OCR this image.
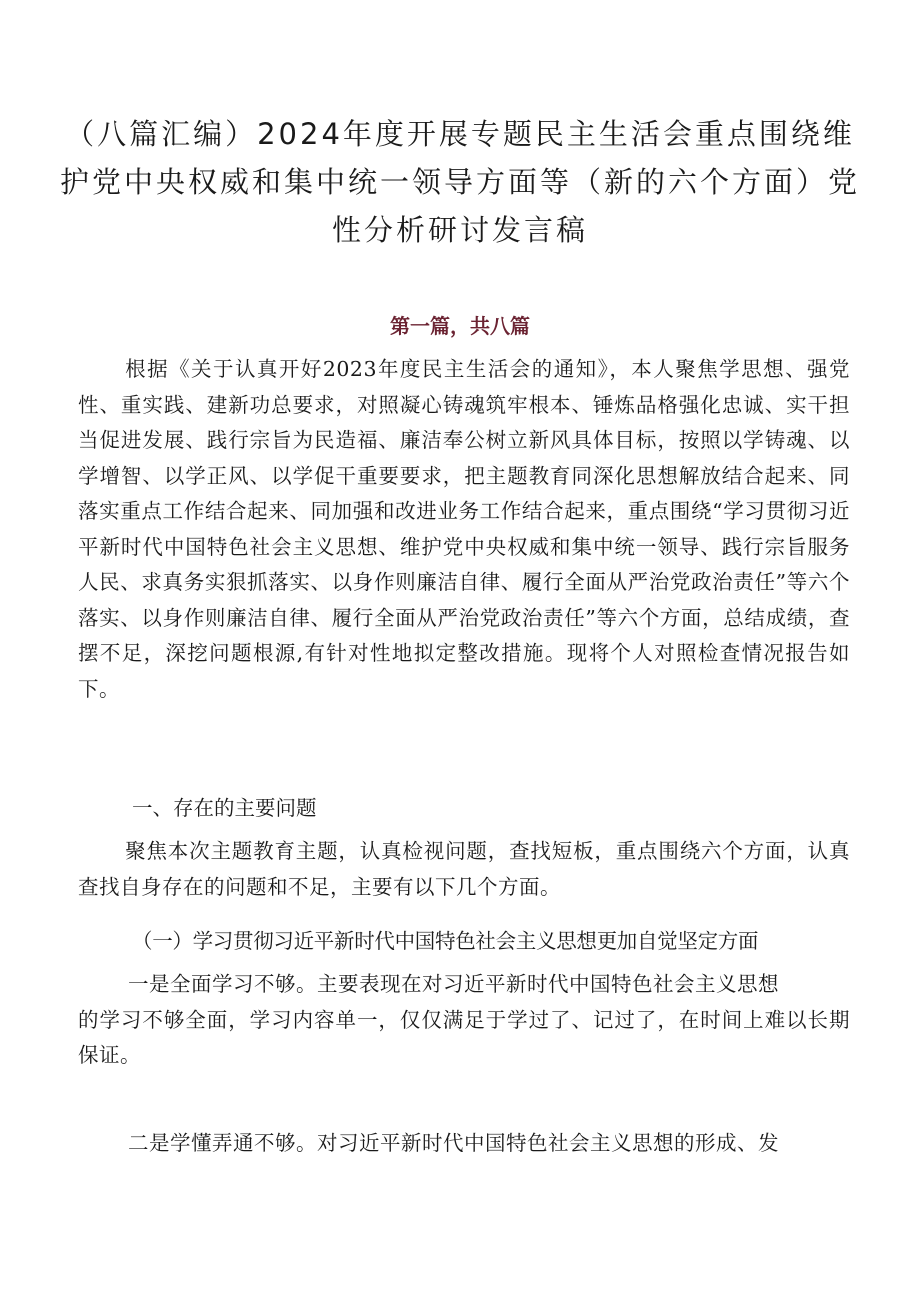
（八篇汇编）2024年度开展专题民主生活会重点围绕维护党中央权威和集中统一领导方面等（新的六个方面）党性分析研讨发言稿
第一篇，共八篇
根据《关于认真开好2023年度民主生活会的通知》，本人聚焦学思想、强党性、重实践、建新功总要求，对照凝心铸魂筑牢根本、锤炼品格强化忠诚、实干担当促进发展、践行宗旨为民造福、廉洁奉公树立新风具体目标，按照以学铸魂、以学增智、以学正风、以学促干重要要求，把主题教育同深化思想解放结合起来、同落实重点工作结合起来、同加强和改进业务工作结合起来，重点围绕“学习贯彻习近平新时代中国特色社会主义思想、维护党中央权威和集中统一领导、践行宗旨服务人民、求真务实狠抓落实、以身作则廉洁自律、履行全面从严治党政治责任”等六个落实、以身作则廉洁自律、履行全面从严治党政治责任”等六个方面，总结成绩，查摆不足，深挖问题根源,有针对性地拟定整改措施。现将个人对照检查情况报告如下。
一、存在的主要问题
聚焦本次主题教育主题，认真检视问题，查找短板，重点围绕六个方面，认真查找自身存在的问题和不足，主要有以下几个方面。
（一）学习贯彻习近平新时代中国特色社会主义思想更加自觉坚定方面
一是全面学习不够。主要表现在对习近平新时代中国特色社会主义思想
的学习不够全面，学习内容单一，仅仅满足于学过了、记过了，在时间上难以长期保证。
二是学懂弄通不够。对习近平新时代中国特色社会主义思想的形成、发
